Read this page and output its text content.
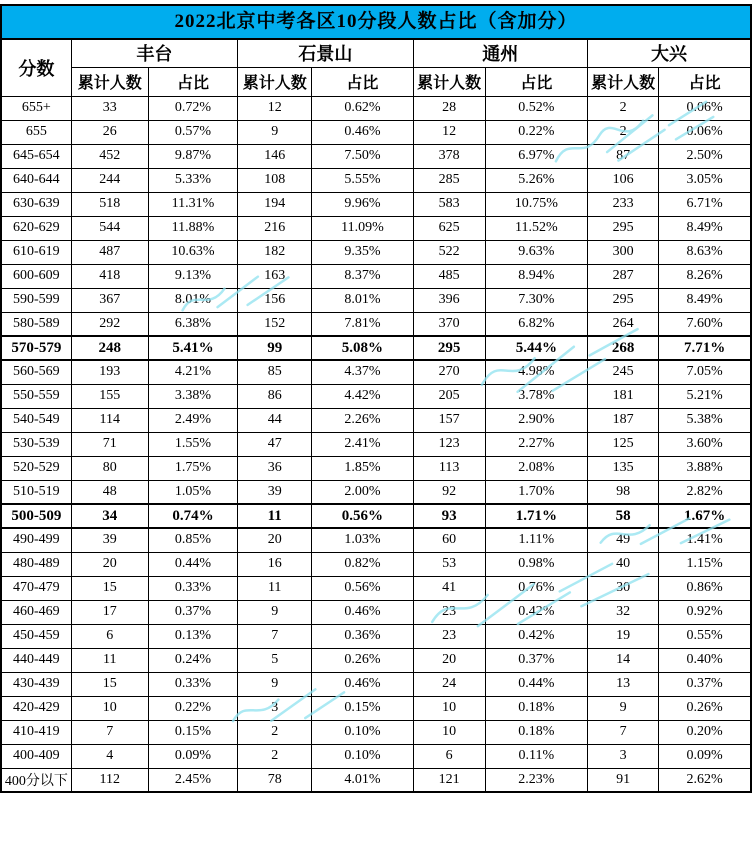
2022北京中考各区10分段人数占比（含加分）
分数	丰台		石景山		通州		大兴	
	累计人数	占比	累计人数	占比	累计人数	占比	累计人数	占比
655+	33	0.72%	12	0.62%	28	0.52%	2	0.06%
655	26	0.57%	9	0.46%	12	0.22%	2	0.06%
645-654	452	9.87%	146	7.50%	378	6.97%	87	2.50%
640-644	244	5.33%	108	5.55%	285	5.26%	106	3.05%
630-639	518	11.31%	194	9.96%	583	10.75%	233	6.71%
620-629	544	11.88%	216	11.09%	625	11.52%	295	8.49%
610-619	487	10.63%	182	9.35%	522	9.63%	300	8.63%
600-609	418	9.13%	163	8.37%	485	8.94%	287	8.26%
590-599	367	8.01%	156	8.01%	396	7.30%	295	8.49%
580-589	292	6.38%	152	7.81%	370	6.82%	264	7.60%
570-579	248	5.41%	99	5.08%	295	5.44%	268	7.71%
560-569	193	4.21%	85	4.37%	270	4.98%	245	7.05%
550-559	155	3.38%	86	4.42%	205	3.78%	181	5.21%
540-549	114	2.49%	44	2.26%	157	2.90%	187	5.38%
530-539	71	1.55%	47	2.41%	123	2.27%	125	3.60%
520-529	80	1.75%	36	1.85%	113	2.08%	135	3.88%
510-519	48	1.05%	39	2.00%	92	1.70%	98	2.82%
500-509	34	0.74%	11	0.56%	93	1.71%	58	1.67%
490-499	39	0.85%	20	1.03%	60	1.11%	49	1.41%
480-489	20	0.44%	16	0.82%	53	0.98%	40	1.15%
470-479	15	0.33%	11	0.56%	41	0.76%	30	0.86%
460-469	17	0.37%	9	0.46%	23	0.42%	32	0.92%
450-459	6	0.13%	7	0.36%	23	0.42%	19	0.55%
440-449	11	0.24%	5	0.26%	20	0.37%	14	0.40%
430-439	15	0.33%	9	0.46%	24	0.44%	13	0.37%
420-429	10	0.22%	3	0.15%	10	0.18%	9	0.26%
410-419	7	0.15%	2	0.10%	10	0.18%	7	0.20%
400-409	4	0.09%	2	0.10%	6	0.11%	3	0.09%
400分以下	112	2.45%	78	4.01%	121	2.23%	91	2.62%
